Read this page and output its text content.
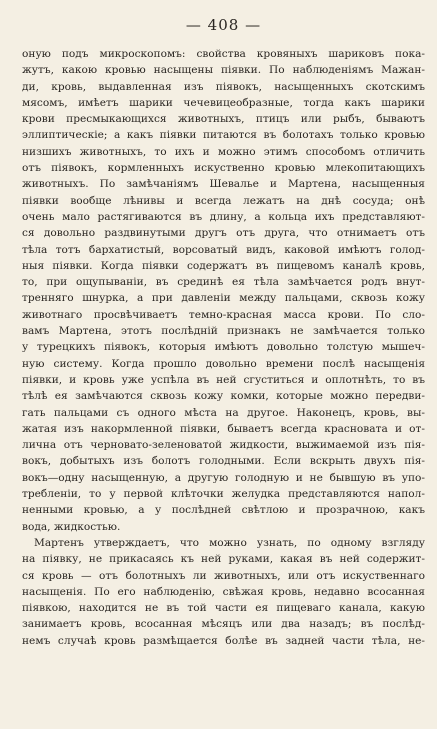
— 408 —
оную подъ микроскопомъ: свойства кровяныхъ шариковъ пока-
жутъ, какою кровью насыщены піявки. По наблюденіямъ Мажан-
ди, кровь, выдавленная изъ піявокъ, насыщенныхъ скотскимъ
мясомъ, имѣетъ шарики чечевицеобразные, тогда какъ шарики
крови пресмыкающихся животныхъ, птицъ или рыбъ, бываютъ
эллиптическіе; а какъ піявки питаются въ болотахъ только кровью
низшихъ животныхъ, то ихъ и можно этимъ способомъ отличить
отъ піявокъ, кормленныхъ искуственно кровью млекопитающихъ
животныхъ. По замѣчаніямъ Шевалье и Мартена, насыщенныя
піявки вообще лѣнивы и всегда лежатъ на днѣ сосуда; онѣ
очень мало растягиваются въ длину, а кольца ихъ представляют-
ся довольно раздвинутыми другъ отъ друга, что отнимаетъ отъ
тѣла тотъ бархатистый, ворсоватый видъ, каковой имѣютъ голод-
ныя піявки. Когда піявки содержатъ въ пищевомъ каналѣ кровь,
то, при ощупываніи, въ срединѣ ея тѣла замѣчается родъ внут-
тренняго шнурка, а при давленіи между пальцами, сквозь кожу
животнаго просвѣчиваетъ темно-красная масса крови. По сло-
вамъ Мартена, этотъ послѣдній признакъ не замѣчается только
у турецкихъ піявокъ, которыя имѣютъ довольно толстую мышеч-
ную систему. Когда прошло довольно времени послѣ насыщенія
піявки, и кровь уже успѣла въ ней сгуститься и оплотнѣть, то въ
тѣлѣ ея замѣчаются сквозь кожу комки, которые можно передви-
гать пальцами съ одного мѣста на другое. Наконецъ, кровь, вы-
жатая изъ накормленной піявки, бываетъ всегда красновата и от-
лична отъ черновато-зеленоватой жидкости, выжимаемой изъ пія-
вокъ, добытыхъ изъ болотъ голодными. Если вскрыть двухъ пія-
вокъ—одну насыщенную, а другую голодную и не бывшую въ упо-
требленіи, то у первой клѣточки желудка представляются напол-
ненными кровью, а у послѣдней свѣтлою и прозрачною, какъ
вода, жидкостью.
Мартенъ утверждаетъ, что можно узнать, по одному взгляду
на піявку, не прикасаясь къ ней руками, какая въ ней содержит-
ся кровь — отъ болотныхъ ли животныхъ, или отъ искуственнаго
насыщенія. По его наблюденію, свѣжая кровь, недавно всосанная
піявкою, находится не въ той части ея пищеваго канала, какую
занимаетъ кровь, всосанная мѣсяцъ или два назадъ; въ послѣд-
немъ случаѣ кровь размѣщается болѣе въ задней части тѣла, не-
